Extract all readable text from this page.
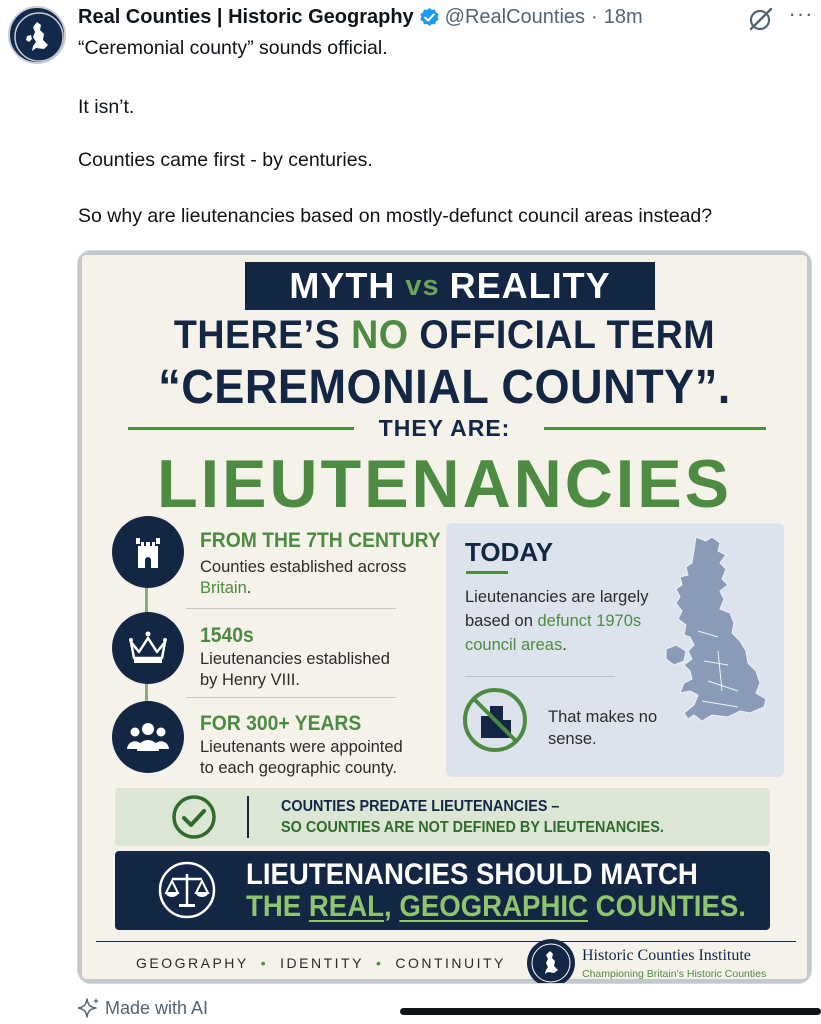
Real Counties | Historic Geography @RealCounties · 18m	···
“Ceremonial county” sounds official.
It isn’t.
Counties came first - by centuries.
So why are lieutenancies based on mostly-defunct council areas instead?
MYTH vs REALITY
THERE’S NO OFFICIAL TERM
“CEREMONIAL COUNTY”.
THEY ARE:
LIEUTENANCIES
FROM THE 7TH CENTURY
Counties established across Britain.
1540s
Lieutenancies established by Henry VIII.
FOR 300+ YEARS
Lieutenants were appointed to each geographic county.
TODAY
Lieutenancies are largely based on defunct 1970s council areas.
That makes no sense.
COUNTIES PREDATE LIEUTENANCIES –
SO COUNTIES ARE NOT DEFINED BY LIEUTENANCIES.
LIEUTENANCIES SHOULD MATCH
THE REAL, GEOGRAPHIC COUNTIES.
GEOGRAPHY • IDENTITY • CONTINUITY	Historic Counties Institute
Championing Britain’s Historic Counties
Made with AI
